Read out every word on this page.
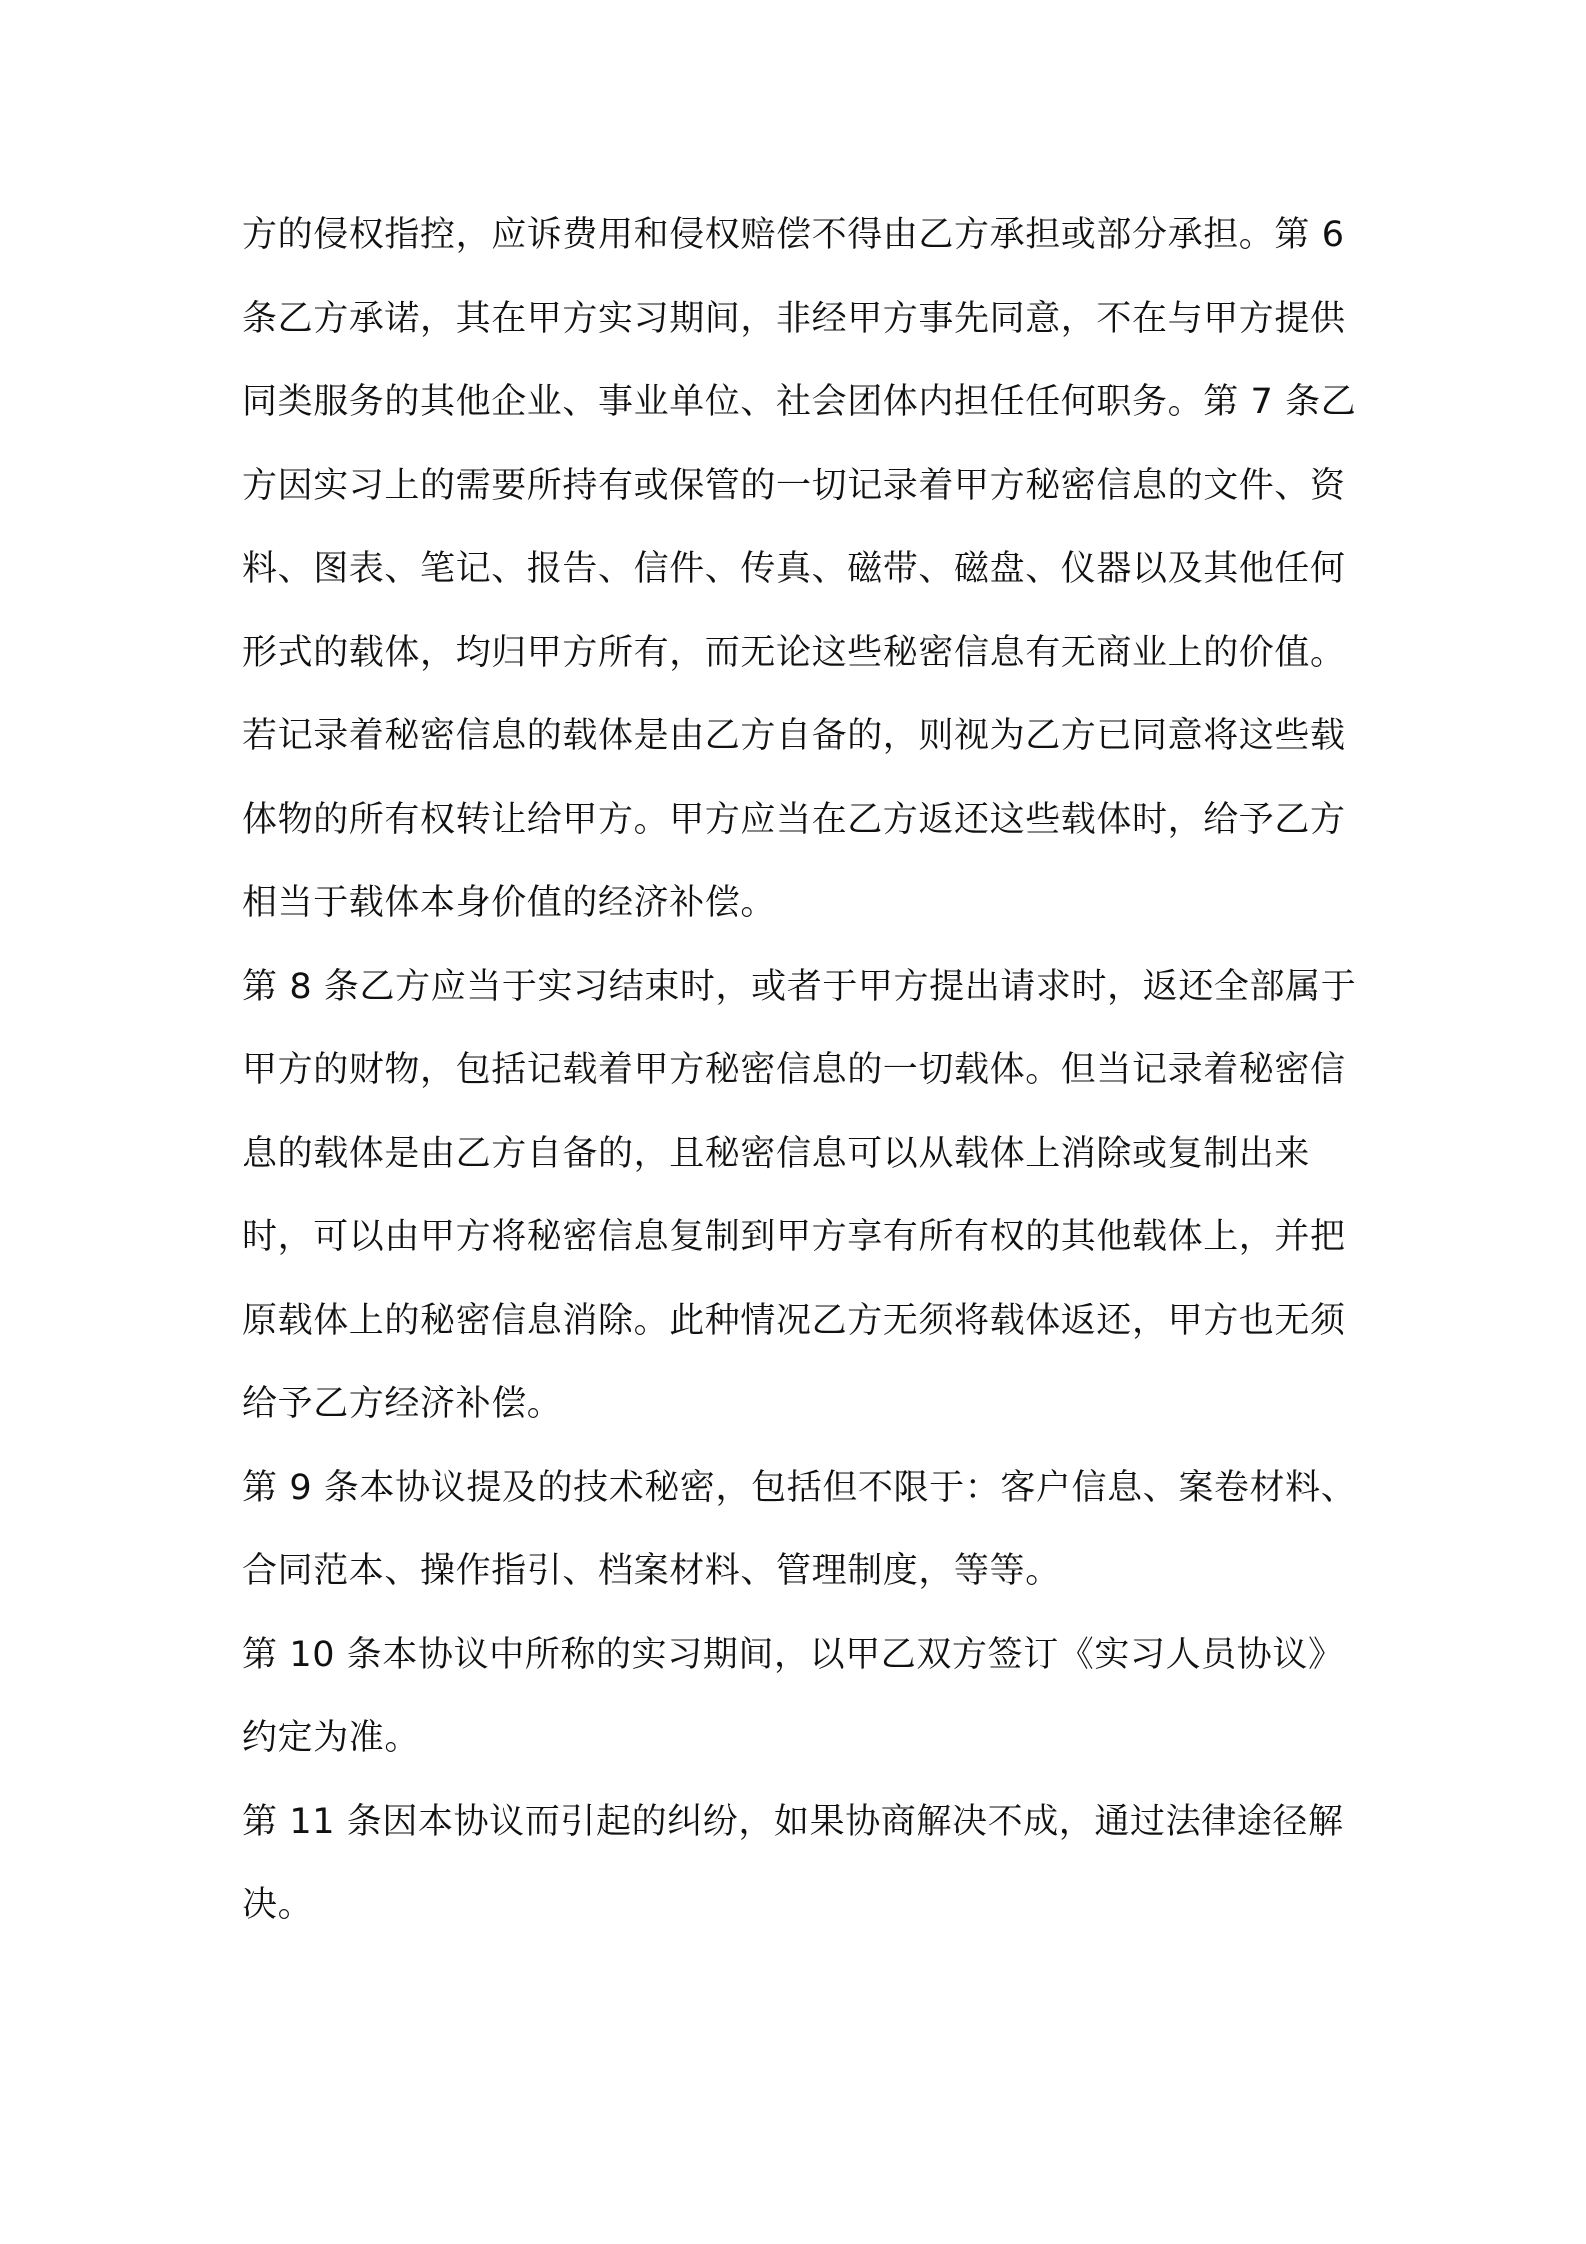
方的侵权指控，应诉费用和侵权赔偿不得由乙方承担或部分承担。第 6 条乙方承诺，其在甲方实习期间，非经甲方事先同意，不在与甲方提供同类服务的其他企业、事业单位、社会团体内担任任何职务。第 7 条乙方因实习上的需要所持有或保管的一切记录着甲方秘密信息的文件、资料、图表、笔记、报告、信件、传真、磁带、磁盘、仪器以及其他任何形式的载体，均归甲方所有，而无论这些秘密信息有无商业上的价值。

若记录着秘密信息的载体是由乙方自备的，则视为乙方已同意将这些载体物的所有权转让给甲方。甲方应当在乙方返还这些载体时，给予乙方相当于载体本身价值的经济补偿。

第 8 条乙方应当于实习结束时，或者于甲方提出请求时，返还全部属于甲方的财物，包括记载着甲方秘密信息的一切载体。但当记录着秘密信息的载体是由乙方自备的，且秘密信息可以从载体上消除或复制出来时，可以由甲方将秘密信息复制到甲方享有所有权的其他载体上，并把原载体上的秘密信息消除。此种情况乙方无须将载体返还，甲方也无须给予乙方经济补偿。

第 9 条本协议提及的技术秘密，包括但不限于：客户信息、案卷材料、合同范本、操作指引、档案材料、管理制度，等等。

第 10 条本协议中所称的实习期间，以甲乙双方签订《实习人员协议》约定为准。

第 11 条因本协议而引起的纠纷，如果协商解决不成，通过法律途径解决。
